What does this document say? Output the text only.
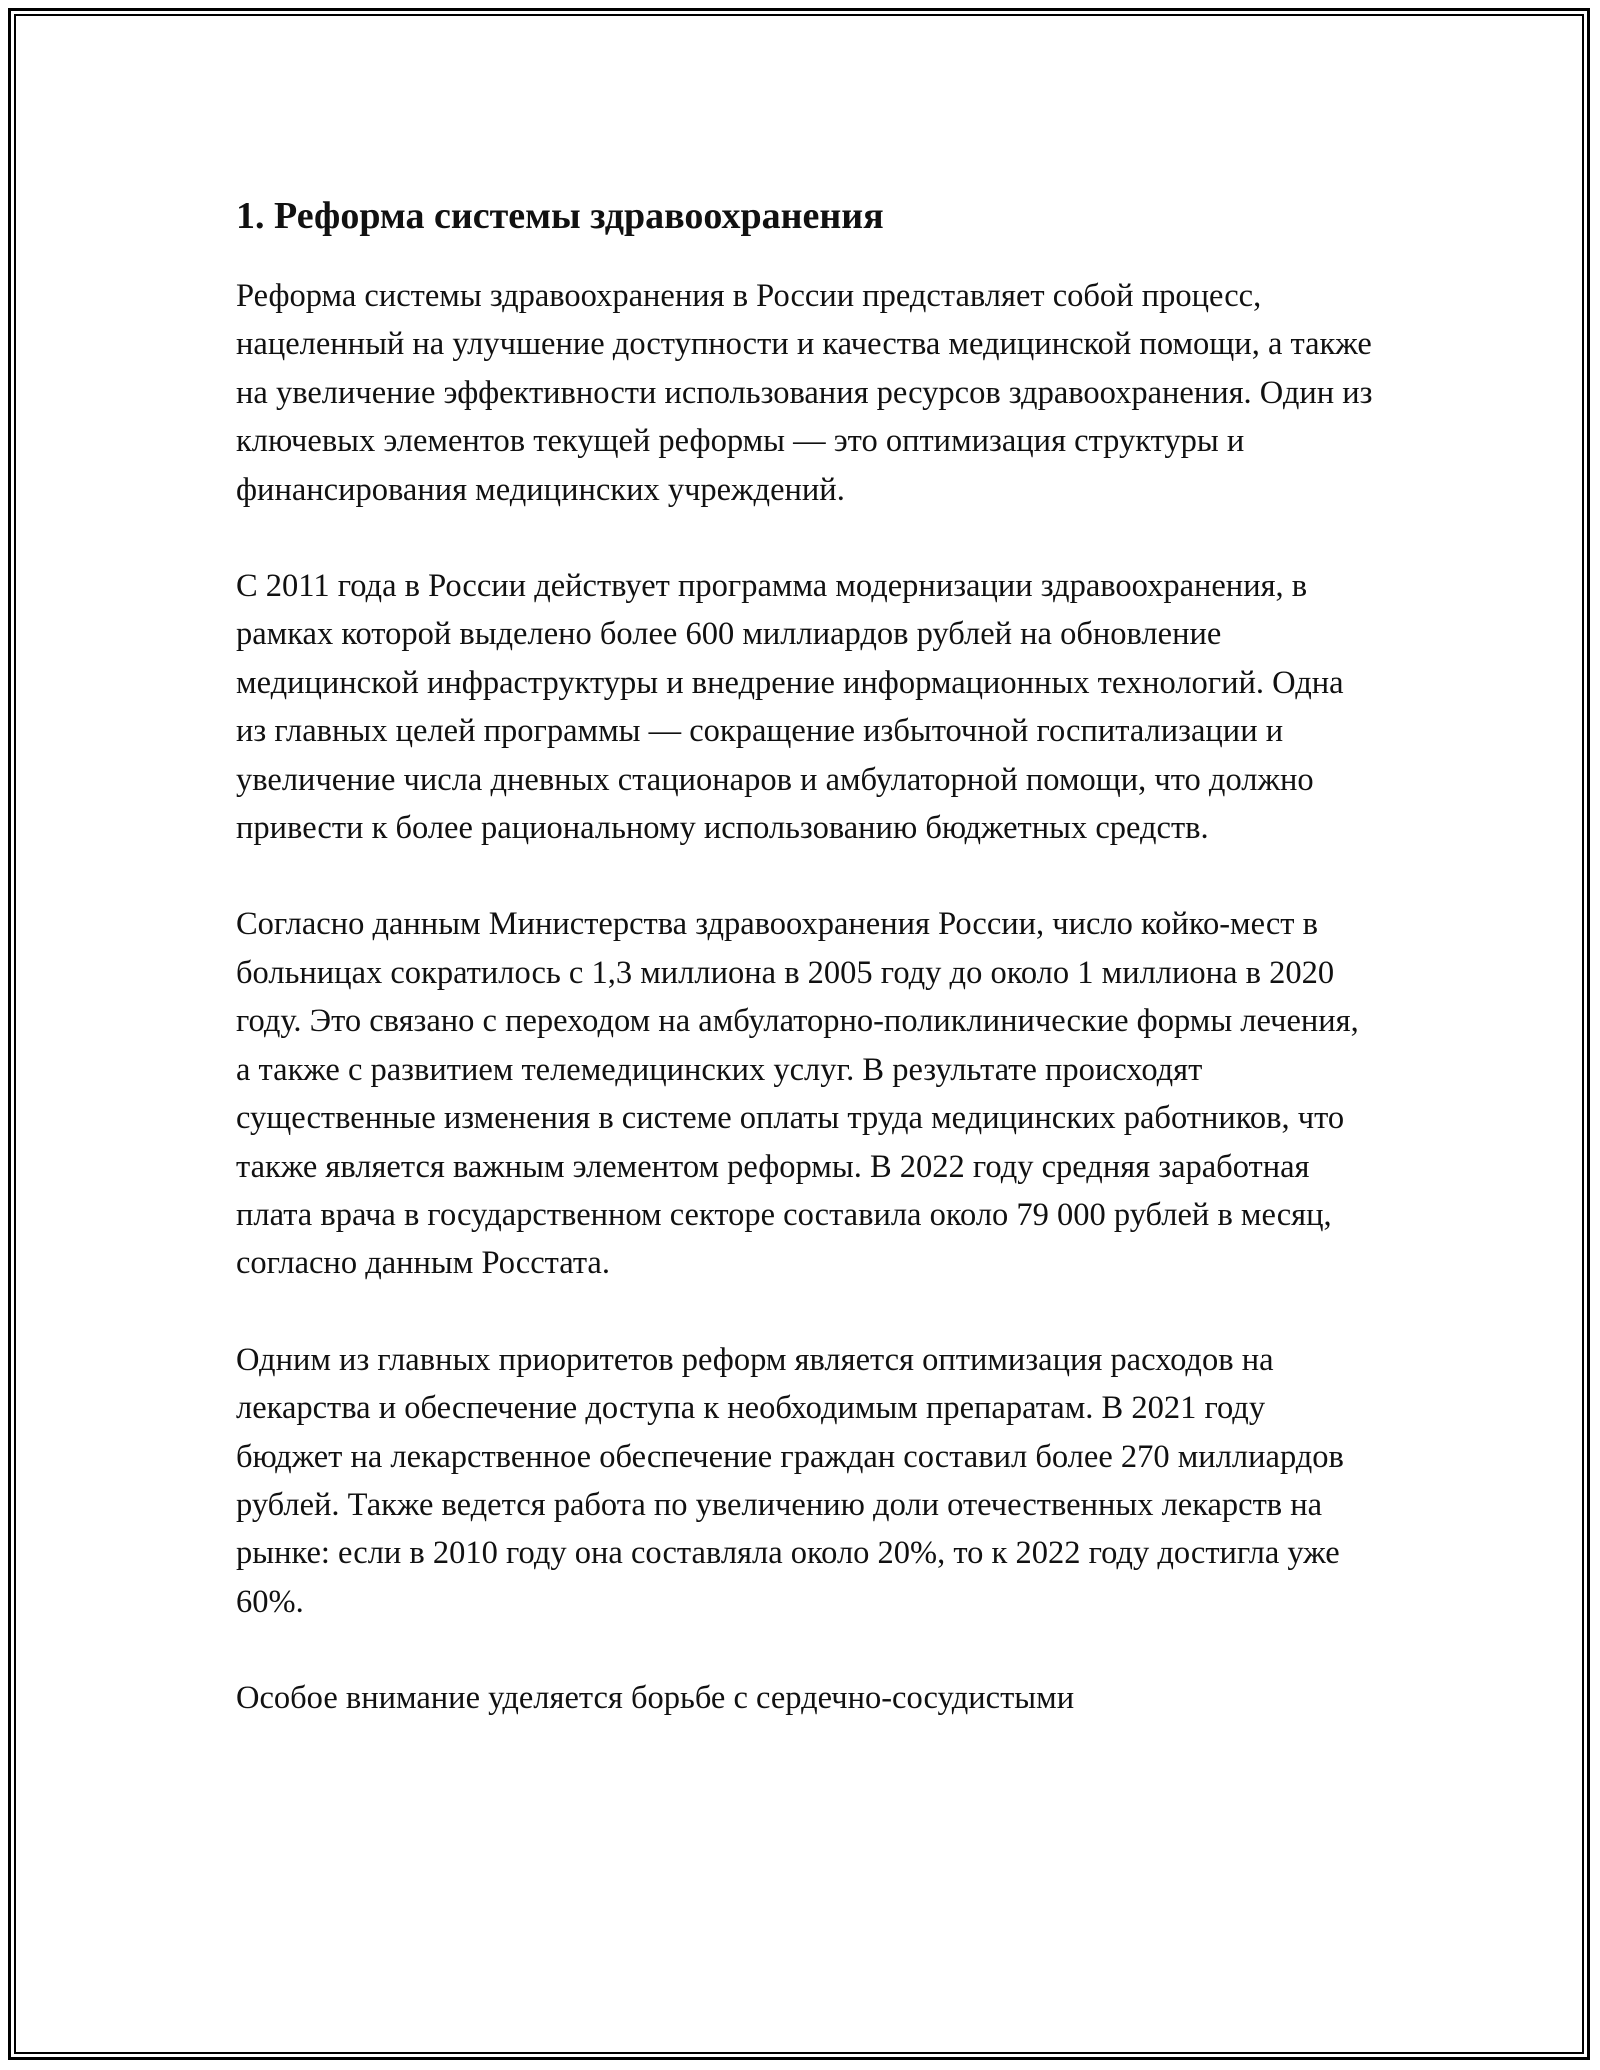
1. Реформа системы здравоохранения

Реформа системы здравоохранения в России представляет собой процесс, нацеленный на улучшение доступности и качества медицинской помощи, а также на увеличение эффективности использования ресурсов здравоохранения. Один из ключевых элементов текущей реформы — это оптимизация структуры и финансирования медицинских учреждений.

С 2011 года в России действует программа модернизации здравоохранения, в рамках которой выделено более 600 миллиардов рублей на обновление медицинской инфраструктуры и внедрение информационных технологий. Одна из главных целей программы — сокращение избыточной госпитализации и увеличение числа дневных стационаров и амбулаторной помощи, что должно привести к более рациональному использованию бюджетных средств.

Согласно данным Министерства здравоохранения России, число койко-мест в больницах сократилось с 1,3 миллиона в 2005 году до около 1 миллиона в 2020 году. Это связано с переходом на амбулаторно-поликлинические формы лечения, а также с развитием телемедицинских услуг. В результате происходят существенные изменения в системе оплаты труда медицинских работников, что также является важным элементом реформы. В 2022 году средняя заработная плата врача в государственном секторе составила около 79 000 рублей в месяц, согласно данным Росстата.

Одним из главных приоритетов реформ является оптимизация расходов на лекарства и обеспечение доступа к необходимым препаратам. В 2021 году бюджет на лекарственное обеспечение граждан составил более 270 миллиардов рублей. Также ведется работа по увеличению доли отечественных лекарств на рынке: если в 2010 году она составляла около 20%, то к 2022 году достигла уже 60%.

Особое внимание уделяется борьбе с сердечно-сосудистыми
